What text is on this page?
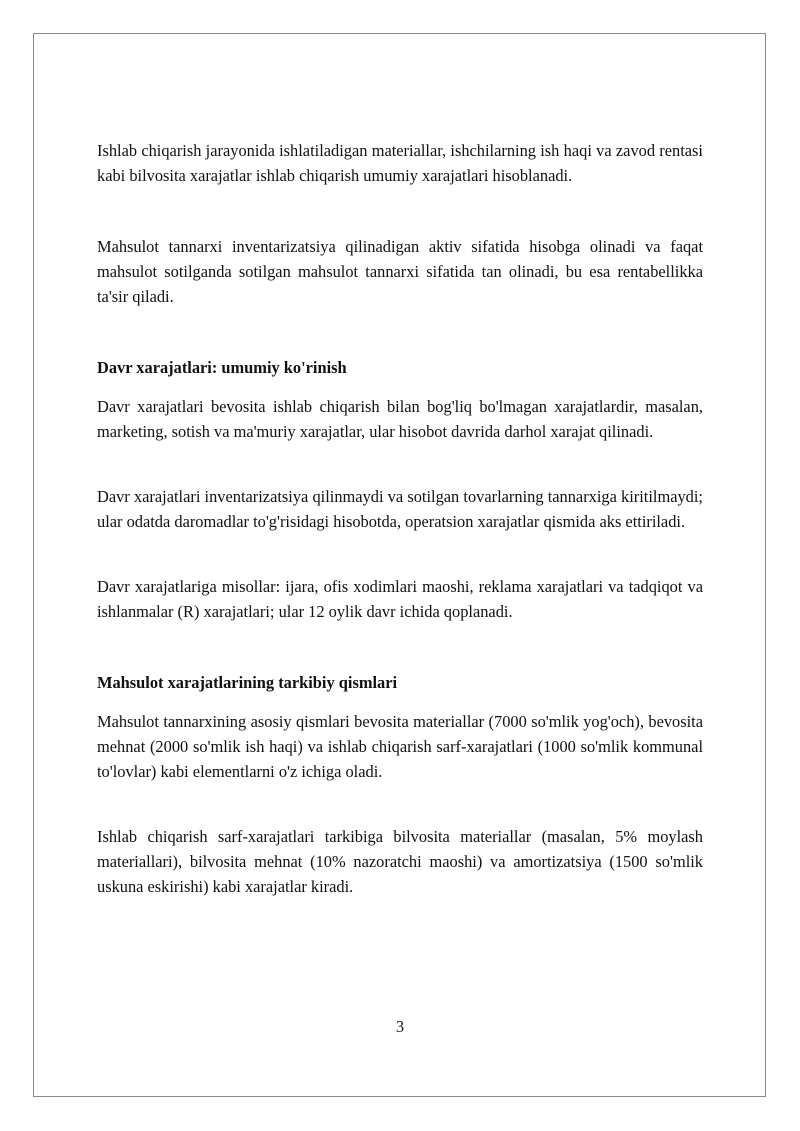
Ishlab chiqarish jarayonida ishlatiladigan materiallar, ishchilarning ish haqi va zavod rentasi kabi bilvosita xarajatlar ishlab chiqarish umumiy xarajatlari hisoblanadi.

Mahsulot tannarxi inventarizatsiya qilinadigan aktiv sifatida hisobga olinadi va faqat mahsulot sotilganda sotilgan mahsulot tannarxi sifatida tan olinadi, bu esa rentabellikka ta'sir qiladi.

Davr xarajatlari: umumiy ko'rinish

Davr xarajatlari bevosita ishlab chiqarish bilan bog'liq bo'lmagan xarajatlardir, masalan, marketing, sotish va ma'muriy xarajatlar, ular hisobot davrida darhol xarajat qilinadi.

Davr xarajatlari inventarizatsiya qilinmaydi va sotilgan tovarlarning tannarxiga kiritilmaydi; ular odatda daromadlar to'g'risidagi hisobotda, operatsion xarajatlar qismida aks ettiriladi.

Davr xarajatlariga misollar: ijara, ofis xodimlari maoshi, reklama xarajatlari va tadqiqot va ishlanmalar (R) xarajatlari; ular 12 oylik davr ichida qoplanadi.

Mahsulot xarajatlarining tarkibiy qismlari

Mahsulot tannarxining asosiy qismlari bevosita materiallar (7000 so'mlik yog'och), bevosita mehnat (2000 so'mlik ish haqi) va ishlab chiqarish sarf-xarajatlari (1000 so'mlik kommunal to'lovlar) kabi elementlarni o'z ichiga oladi.

Ishlab chiqarish sarf-xarajatlari tarkibiga bilvosita materiallar (masalan, 5% moylash materiallari), bilvosita mehnat (10% nazoratchi maoshi) va amortizatsiya (1500 so'mlik uskuna eskirishi) kabi xarajatlar kiradi.

3
